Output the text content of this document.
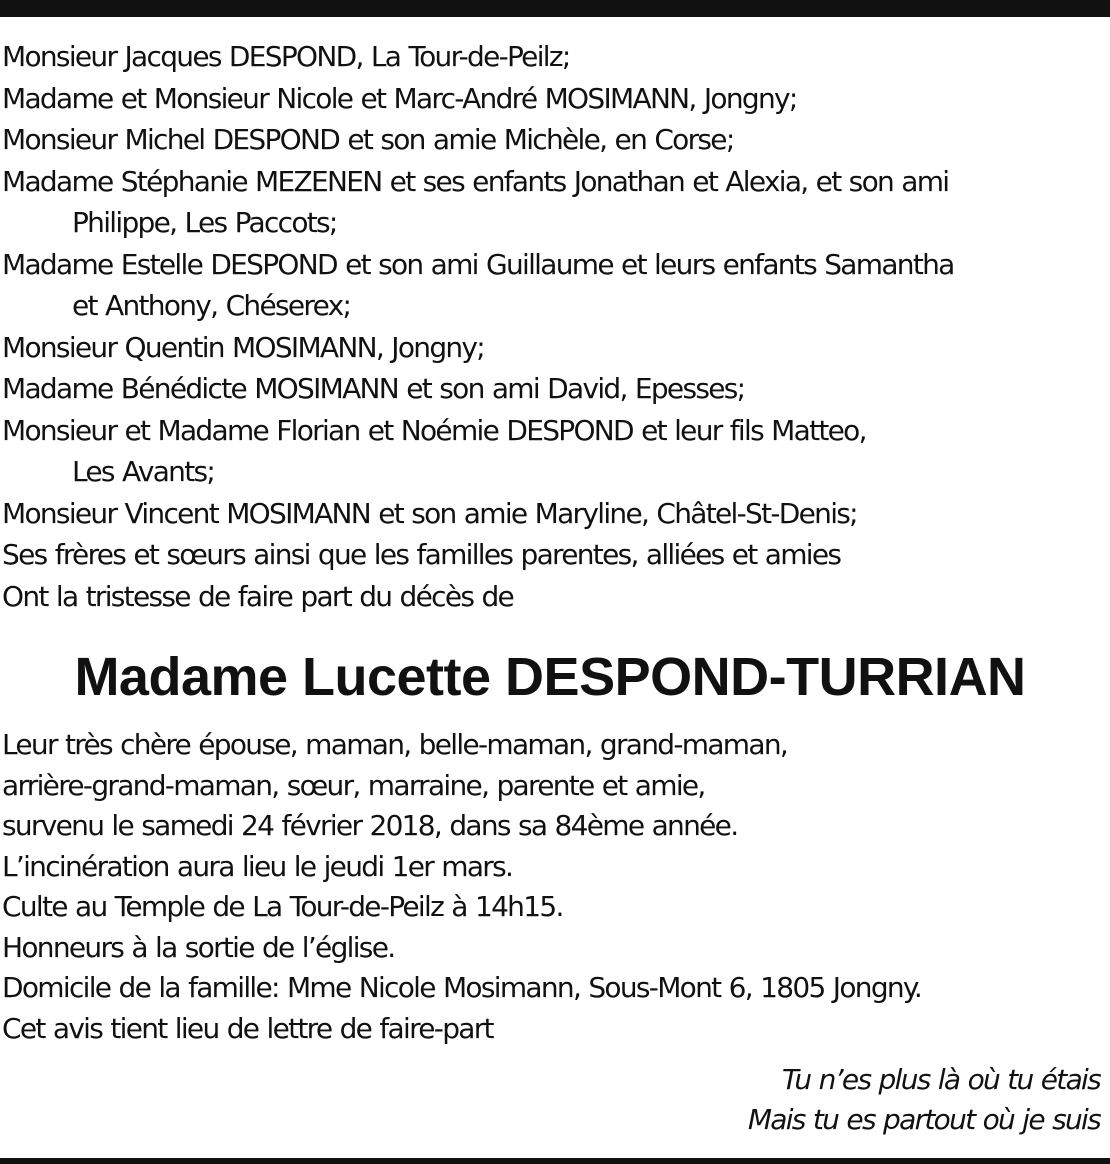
Monsieur Jacques DESPOND, La Tour-de-Peilz;
Madame et Monsieur Nicole et Marc-André MOSIMANN, Jongny;
Monsieur Michel DESPOND et son amie Michèle, en Corse;
Madame Stéphanie MEZENEN et ses enfants Jonathan et Alexia, et son ami
Philippe, Les Paccots;
Madame Estelle DESPOND et son ami Guillaume et leurs enfants Samantha
et Anthony, Chéserex;
Monsieur Quentin MOSIMANN, Jongny;
Madame Bénédicte MOSIMANN et son ami David, Epesses;
Monsieur et Madame Florian et Noémie DESPOND et leur fils Matteo,
Les Avants;
Monsieur Vincent MOSIMANN et son amie Maryline, Châtel-St-Denis;
Ses frères et sœurs ainsi que les familles parentes, alliées et amies
Ont la tristesse de faire part du décès de
Madame Lucette DESPOND-TURRIAN
Leur très chère épouse, maman, belle-maman, grand-maman,
arrière-grand-maman, sœur, marraine, parente et amie,
survenu le samedi 24 février 2018, dans sa 84ème année.
L’incinération aura lieu le jeudi 1er mars.
Culte au Temple de La Tour-de-Peilz à 14h15.
Honneurs à la sortie de l’église.
Domicile de la famille: Mme Nicole Mosimann, Sous-Mont 6, 1805 Jongny.
Cet avis tient lieu de lettre de faire-part
Tu n’es plus là où tu étais
Mais tu es partout où je suis
